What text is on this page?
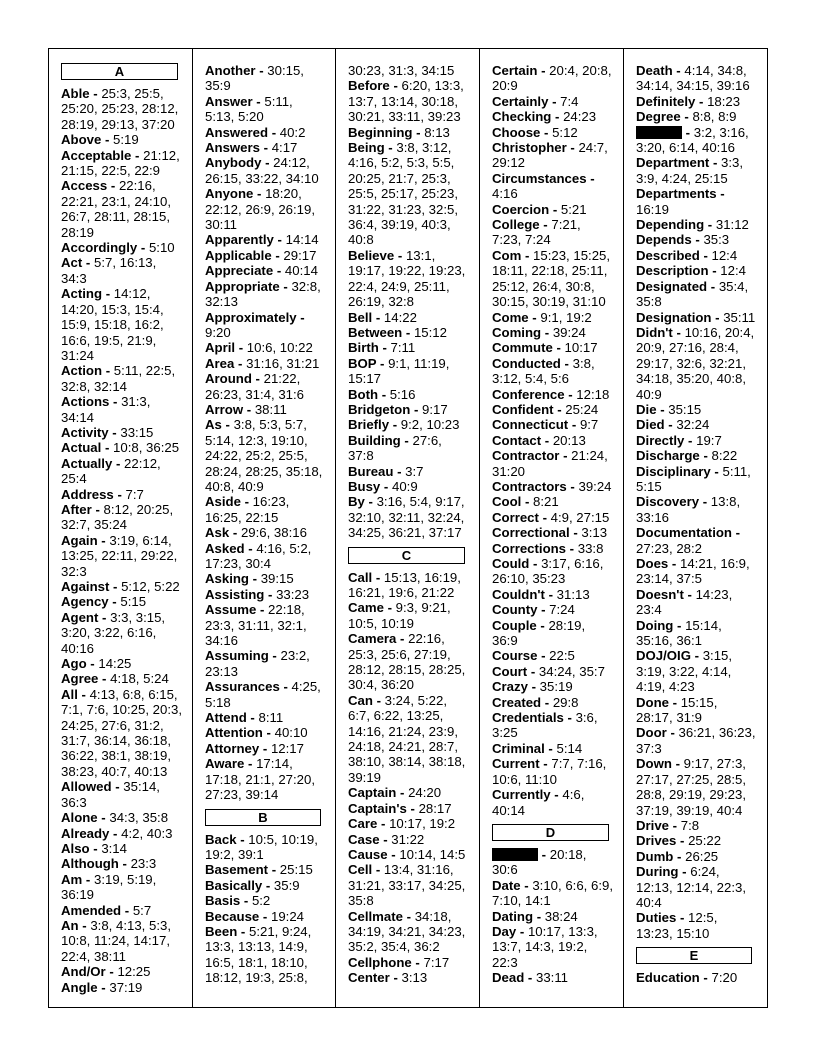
A

Able - 25:3, 25:5, 25:20, 25:23, 28:12, 28:19, 29:13, 37:20

Above - 5:19

Acceptable - 21:12, 21:15, 22:5, 22:9

Access - 22:16, 22:21, 23:1, 24:10, 26:7, 28:11, 28:15, 28:19

Accordingly - 5:10

Act - 5:7, 16:13, 34:3

Acting - 14:12, 14:20, 15:3, 15:4, 15:9, 15:18, 16:2, 16:6, 19:5, 21:9, 31:24

Action - 5:11, 22:5, 32:8, 32:14

Actions - 31:3, 34:14

Activity - 33:15

Actual - 10:8, 36:25

Actually - 22:12, 25:4

Address - 7:7

After - 8:12, 20:25, 32:7, 35:24

Again - 3:19, 6:14, 13:25, 22:11, 29:22, 32:3

Against - 5:12, 5:22

Agency - 5:15

Agent - 3:3, 3:15, 3:20, 3:22, 6:16, 40:16

Ago - 14:25

Agree - 4:18, 5:24

All - 4:13, 6:8, 6:15, 7:1, 7:6, 10:25, 20:3, 24:25, 27:6, 31:2, 31:7, 36:14, 36:18, 36:22, 38:1, 38:19, 38:23, 40:7, 40:13

Allowed - 35:14, 36:3

Alone - 34:3, 35:8

Already - 4:2, 40:3

Also - 3:14

Although - 23:3

Am - 3:19, 5:19, 36:19

Amended - 5:7

An - 3:8, 4:13, 5:3, 10:8, 11:24, 14:17, 22:4, 38:11

And/Or - 12:25

Angle - 37:19

Another - 30:15, 35:9

Answer - 5:11, 5:13, 5:20

Answered - 40:2

Answers - 4:17

Anybody - 24:12, 26:15, 33:22, 34:10

Anyone - 18:20, 22:12, 26:9, 26:19, 30:11

Apparently - 14:14

Applicable - 29:17

Appreciate - 40:14

Appropriate - 32:8, 32:13

Approximately - 9:20

April - 10:6, 10:22

Area - 31:16, 31:21

Around - 21:22, 26:23, 31:4, 31:6

Arrow - 38:11

As - 3:8, 5:3, 5:7, 5:14, 12:3, 19:10, 24:22, 25:2, 25:5, 28:24, 28:25, 35:18, 40:8, 40:9

Aside - 16:23, 16:25, 22:15

Ask - 29:6, 38:16

Asked - 4:16, 5:2, 17:23, 30:4

Asking - 39:15

Assisting - 33:23

Assume - 22:18, 23:3, 31:11, 32:1, 34:16

Assuming - 23:2, 23:13

Assurances - 4:25, 5:18

Attend - 8:11

Attention - 40:10

Attorney - 12:17

Aware - 17:14, 17:18, 21:1, 27:20, 27:23, 39:14

B

Back - 10:5, 10:19, 19:2, 39:1

Basement - 25:15

Basically - 35:9

Basis - 5:2

Because - 19:24

Been - 5:21, 9:24, 13:3, 13:13, 14:9, 16:5, 18:1, 18:10, 18:12, 19:3, 25:8,

30:23, 31:3, 34:15

Before - 6:20, 13:3, 13:7, 13:14, 30:18, 30:21, 33:11, 39:23

Beginning - 8:13

Being - 3:8, 3:12, 4:16, 5:2, 5:3, 5:5, 20:25, 21:7, 25:3, 25:5, 25:17, 25:23, 31:22, 31:23, 32:5, 36:4, 39:19, 40:3, 40:8

Believe - 13:1, 19:17, 19:22, 19:23, 22:4, 24:9, 25:11, 26:19, 32:8

Bell - 14:22

Between - 15:12

Birth - 7:11

BOP - 9:1, 11:19, 15:17

Both - 5:16

Bridgeton - 9:17

Briefly - 9:2, 10:23

Building - 27:6, 37:8

Bureau - 3:7

Busy - 40:9

By - 3:16, 5:4, 9:17, 32:10, 32:11, 32:24, 34:25, 36:21, 37:17

C

Call - 15:13, 16:19, 16:21, 19:6, 21:22

Came - 9:3, 9:21, 10:5, 10:19

Camera - 22:16, 25:3, 25:6, 27:19, 28:12, 28:15, 28:25, 30:4, 36:20

Can - 3:24, 5:22, 6:7, 6:22, 13:25, 14:16, 21:24, 23:9, 24:18, 24:21, 28:7, 38:10, 38:14, 38:18, 39:19

Captain - 24:20

Captain's - 28:17

Care - 10:17, 19:2

Case - 31:22

Cause - 10:14, 14:5

Cell - 13:4, 31:16, 31:21, 33:17, 34:25, 35:8

Cellmate - 34:18, 34:19, 34:21, 34:23, 35:2, 35:4, 36:2

Cellphone - 7:17

Center - 3:13

Certain - 20:4, 20:8, 20:9

Certainly - 7:4

Checking - 24:23

Choose - 5:12

Christopher - 24:7, 29:12

Circumstances - 4:16

Coercion - 5:21

College - 7:21, 7:23, 7:24

Com - 15:23, 15:25, 18:11, 22:18, 25:11, 25:12, 26:4, 30:8, 30:15, 30:19, 31:10

Come - 9:1, 19:2

Coming - 39:24

Commute - 10:17

Conducted - 3:8, 3:12, 5:4, 5:6

Conference - 12:18

Confident - 25:24

Connecticut - 9:7

Contact - 20:13

Contractor - 21:24, 31:20

Contractors - 39:24

Cool - 8:21

Correct - 4:9, 27:15

Correctional - 3:13

Corrections - 33:8

Could - 3:17, 6:16, 26:10, 35:23

Couldn't - 31:13

County - 7:24

Couple - 28:19, 36:9

Course - 22:5

Court - 34:24, 35:7

Crazy - 35:19

Created - 29:8

Credentials - 3:6, 3:25

Criminal - 5:14

Current - 7:7, 7:16, 10:6, 11:10

Currently - 4:6, 40:14

D

- 20:18, 30:6

Date - 3:10, 6:6, 6:9, 7:10, 14:1

Dating - 38:24

Day - 10:17, 13:3, 13:7, 14:3, 19:2, 22:3

Dead - 33:11

Death - 4:14, 34:8, 34:14, 34:15, 39:16

Definitely - 18:23

Degree - 8:8, 8:9

- 3:2, 3:16, 3:20, 6:14, 40:16

Department - 3:3, 3:9, 4:24, 25:15

Departments - 16:19

Depending - 31:12

Depends - 35:3

Described - 12:4

Description - 12:4

Designated - 35:4, 35:8

Designation - 35:11

Didn't - 10:16, 20:4, 20:9, 27:16, 28:4, 29:17, 32:6, 32:21, 34:18, 35:20, 40:8, 40:9

Die - 35:15

Died - 32:24

Directly - 19:7

Discharge - 8:22

Disciplinary - 5:11, 5:15

Discovery - 13:8, 33:16

Documentation - 27:23, 28:2

Does - 14:21, 16:9, 23:14, 37:5

Doesn't - 14:23, 23:4

Doing - 15:14, 35:16, 36:1

DOJ/OIG - 3:15, 3:19, 3:22, 4:14, 4:19, 4:23

Done - 15:15, 28:17, 31:9

Door - 36:21, 36:23, 37:3

Down - 9:17, 27:3, 27:17, 27:25, 28:5, 28:8, 29:19, 29:23, 37:19, 39:19, 40:4

Drive - 7:8

Drives - 25:22

Dumb - 26:25

During - 6:24, 12:13, 12:14, 22:3, 40:4

Duties - 12:5, 13:23, 15:10

E

Education - 7:20
